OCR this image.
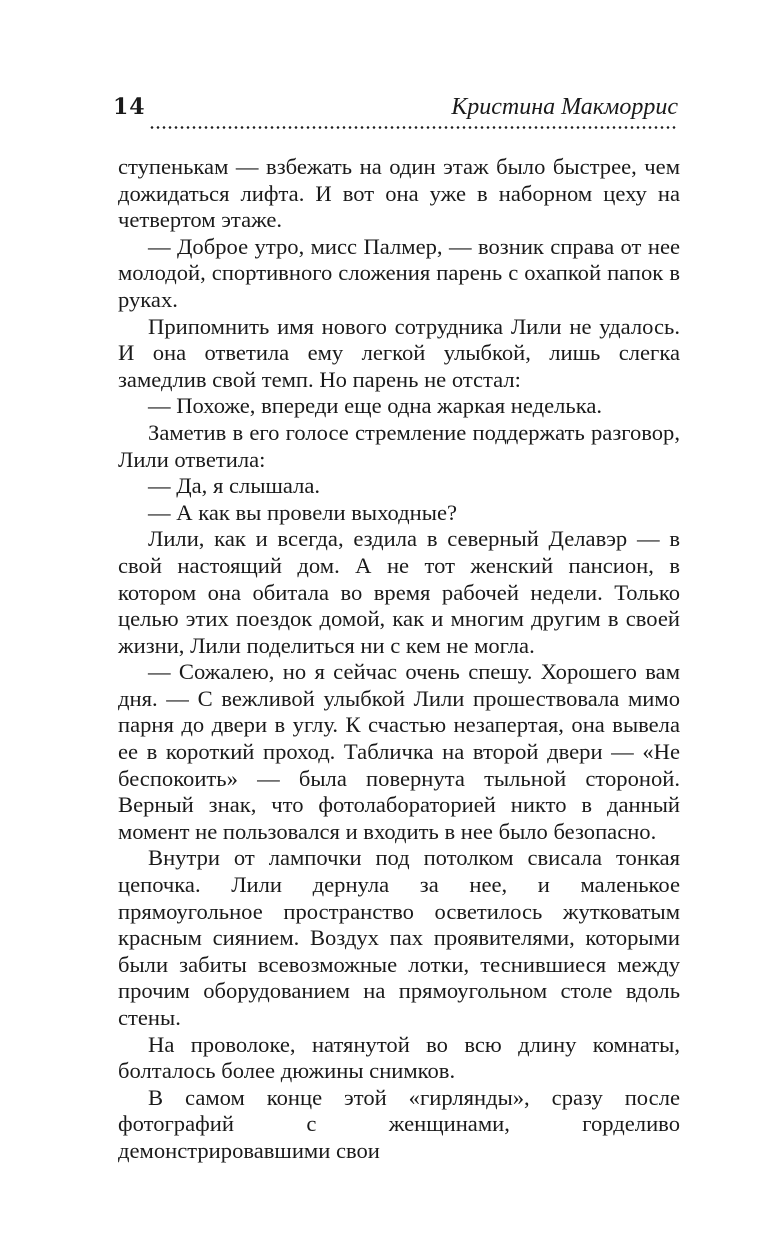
14	Кристина Макморрис

ступенькам — взбежать на один этаж было быстрее, чем дожидаться лифта. И вот она уже в наборном цеху на четвертом этаже.

— Доброе утро, мисс Палмер, — возник справа от нее молодой, спортивного сложения парень с охапкой папок в руках.

Припомнить имя нового сотрудника Лили не удалось. И она ответила ему легкой улыбкой, лишь слегка замедлив свой темп. Но парень не отстал:

— Похоже, впереди еще одна жаркая неделька.

Заметив в его голосе стремление поддержать разговор, Лили ответила:

— Да, я слышала.

— А как вы провели выходные?

Лили, как и всегда, ездила в северный Делавэр — в свой настоящий дом. А не тот женский пансион, в котором она обитала во время рабочей недели. Только целью этих поездок домой, как и многим другим в своей жизни, Лили поделиться ни с кем не могла.

— Сожалею, но я сейчас очень спешу. Хорошего вам дня. — С вежливой улыбкой Лили прошествовала мимо парня до двери в углу. К счастью незапертая, она вывела ее в короткий проход. Табличка на второй двери — «Не беспокоить» — была повернута тыльной стороной. Верный знак, что фотолабораторией никто в данный момент не пользовался и входить в нее было безопасно.

Внутри от лампочки под потолком свисала тонкая цепочка. Лили дернула за нее, и маленькое прямоугольное пространство осветилось жутковатым красным сиянием. Воздух пах проявителями, которыми были забиты всевозможные лотки, теснившиеся между прочим оборудованием на прямоугольном столе вдоль стены.

На проволоке, натянутой во всю длину комнаты, болталось более дюжины снимков.

В самом конце этой «гирлянды», сразу после фотографий с женщинами, горделиво демонстрировавшими свои
